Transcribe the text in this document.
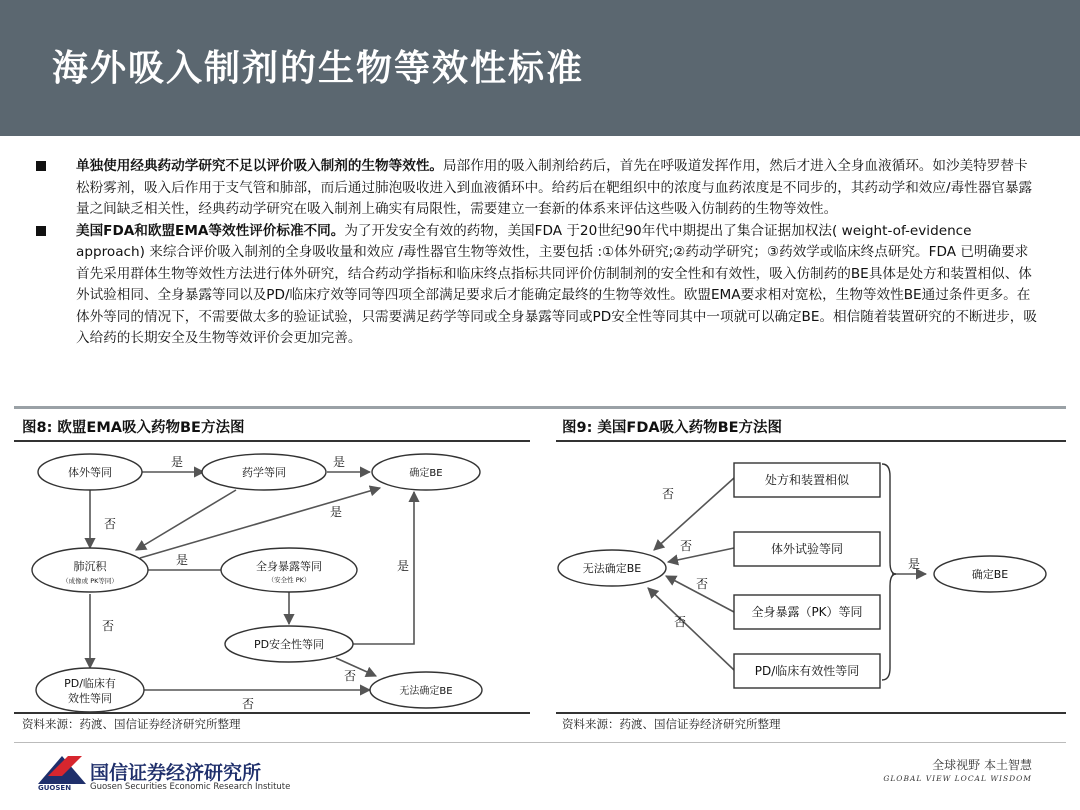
海外吸入制剂的生物等效性标准
单独使用经典药动学研究不足以评价吸入制剂的生物等效性。局部作用的吸入制剂给药后，首先在呼吸道发挥作用，然后才进入全身血液循环。如沙美特罗替卡松粉雾剂，吸入后作用于支气管和肺部，而后通过肺泡吸收进入到血液循环中。给药后在靶组织中的浓度与血药浓度是不同步的，其药动学和效应/毒性器官暴露量之间缺乏相关性，经典药动学研究在吸入制剂上确实有局限性，需要建立一套新的体系来评估这些吸入仿制药的生物等效性。
美国FDA和欧盟EMA等效性评价标准不同。为了开发安全有效的药物，美国FDA 于20世纪90年代中期提出了集合证据加权法( weight-of-evidence approach) 来综合评价吸入制剂的全身吸收量和效应 /毒性器官生物等效性，主要包括 :①体外研究;②药动学研究；③药效学或临床终点研究。FDA 已明确要求首先采用群体生物等效性方法进行体外研究，结合药动学指标和临床终点指标共同评价仿制制剂的安全性和有效性，吸入仿制药的BE具体是处方和装置相似、体外试验相同、全身暴露等同以及PD/临床疗效等同等四项全部满足要求后才能确定最终的生物等效性。欧盟EMA要求相对宽松，生物等效性BE通过条件更多。在体外等同的情况下，不需要做太多的验证试验，只需要满足药学等同或全身暴露等同或PD安全性等同其中一项就可以确定BE。相信随着装置研究的不断进步，吸入给药的长期安全及生物等效评价会更加完善。
图8: 欧盟EMA吸入药物BE方法图
体外等同	药学等同	确定BE
肺沉积
（成像或 PK等同）
全身暴露等同
（安全性 PK）
PD安全性等同
PD/临床有
效性等同
无法确定BE
是	是
否
是
是	是
否
否
否
资料来源：药渡、国信证券经济研究所整理
图9: 美国FDA吸入药物BE方法图
无法确定BE	确定BE
处方和装置相似
体外试验等同
全身暴露（PK）等同
PD/临床有效性等同
否
否
否
否
是
资料来源：药渡、国信证券经济研究所整理
GUOSEN
国信证券经济研究所
Guosen Securities Economic Research Institute
全球视野 本土智慧
GLOBAL VIEW LOCAL WISDOM
